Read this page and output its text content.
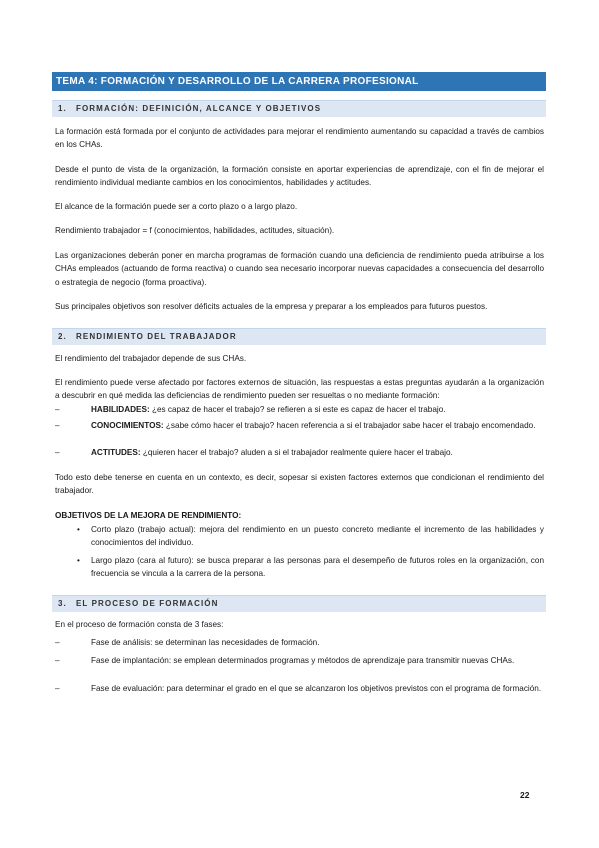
TEMA 4: FORMACIÓN Y DESARROLLO DE LA CARRERA PROFESIONAL
1. FORMACIÓN: DEFINICIÓN, ALCANCE Y OBJETIVOS

La formación está formada por el conjunto de actividades para mejorar el rendimiento aumentando su capacidad a través de cambios en los CHAs.

Desde el punto de vista de la organización, la formación consiste en aportar experiencias de aprendizaje, con el fin de mejorar el rendimiento individual mediante cambios en los conocimientos, habilidades y actitudes.

El alcance de la formación puede ser a corto plazo o a largo plazo.

Rendimiento trabajador = f (conocimientos, habilidades, actitudes, situación).

Las organizaciones deberán poner en marcha programas de formación cuando una deficiencia de rendimiento pueda atribuirse a los CHAs empleados (actuando de forma reactiva) o cuando sea necesario incorporar nuevas capacidades a consecuencia del desarrollo o estrategia de negocio (forma proactiva).

Sus principales objetivos son resolver déficits actuales de la empresa y preparar a los empleados para futuros puestos.

2. RENDIMIENTO DEL TRABAJADOR

El rendimiento del trabajador depende de sus CHAs.

El rendimiento puede verse afectado por factores externos de situación, las respuestas a estas preguntas ayudarán a la organización a descubrir en qué medida las deficiencias de rendimiento pueden ser resueltas o no mediante formación:

–	HABILIDADES: ¿es capaz de hacer el trabajo? se refieren a si este es capaz de hacer el trabajo.
–	CONOCIMIENTOS: ¿sabe cómo hacer el trabajo? hacen referencia a si el trabajador sabe hacer el trabajo encomendado.
–	ACTITUDES: ¿quieren hacer el trabajo? aluden a si el trabajador realmente quiere hacer el trabajo.

Todo esto debe tenerse en cuenta en un contexto, es decir, sopesar si existen factores externos que condicionan el rendimiento del trabajador.

OBJETIVOS DE LA MEJORA DE RENDIMIENTO:

• Corto plazo (trabajo actual): mejora del rendimiento en un puesto concreto mediante el incremento de las habilidades y conocimientos del individuo.
• Largo plazo (cara al futuro): se busca preparar a las personas para el desempeño de futuros roles en la organización, con frecuencia se vincula a la carrera de la persona.
3. EL PROCESO DE FORMACIÓN

En el proceso de formación consta de 3 fases:

–	Fase de análisis: se determinan las necesidades de formación.
–	Fase de implantación: se emplean determinados programas y métodos de aprendizaje para transmitir nuevas CHAs.
–	Fase de evaluación: para determinar el grado en el que se alcanzaron los objetivos previstos con el programa de formación.
22
